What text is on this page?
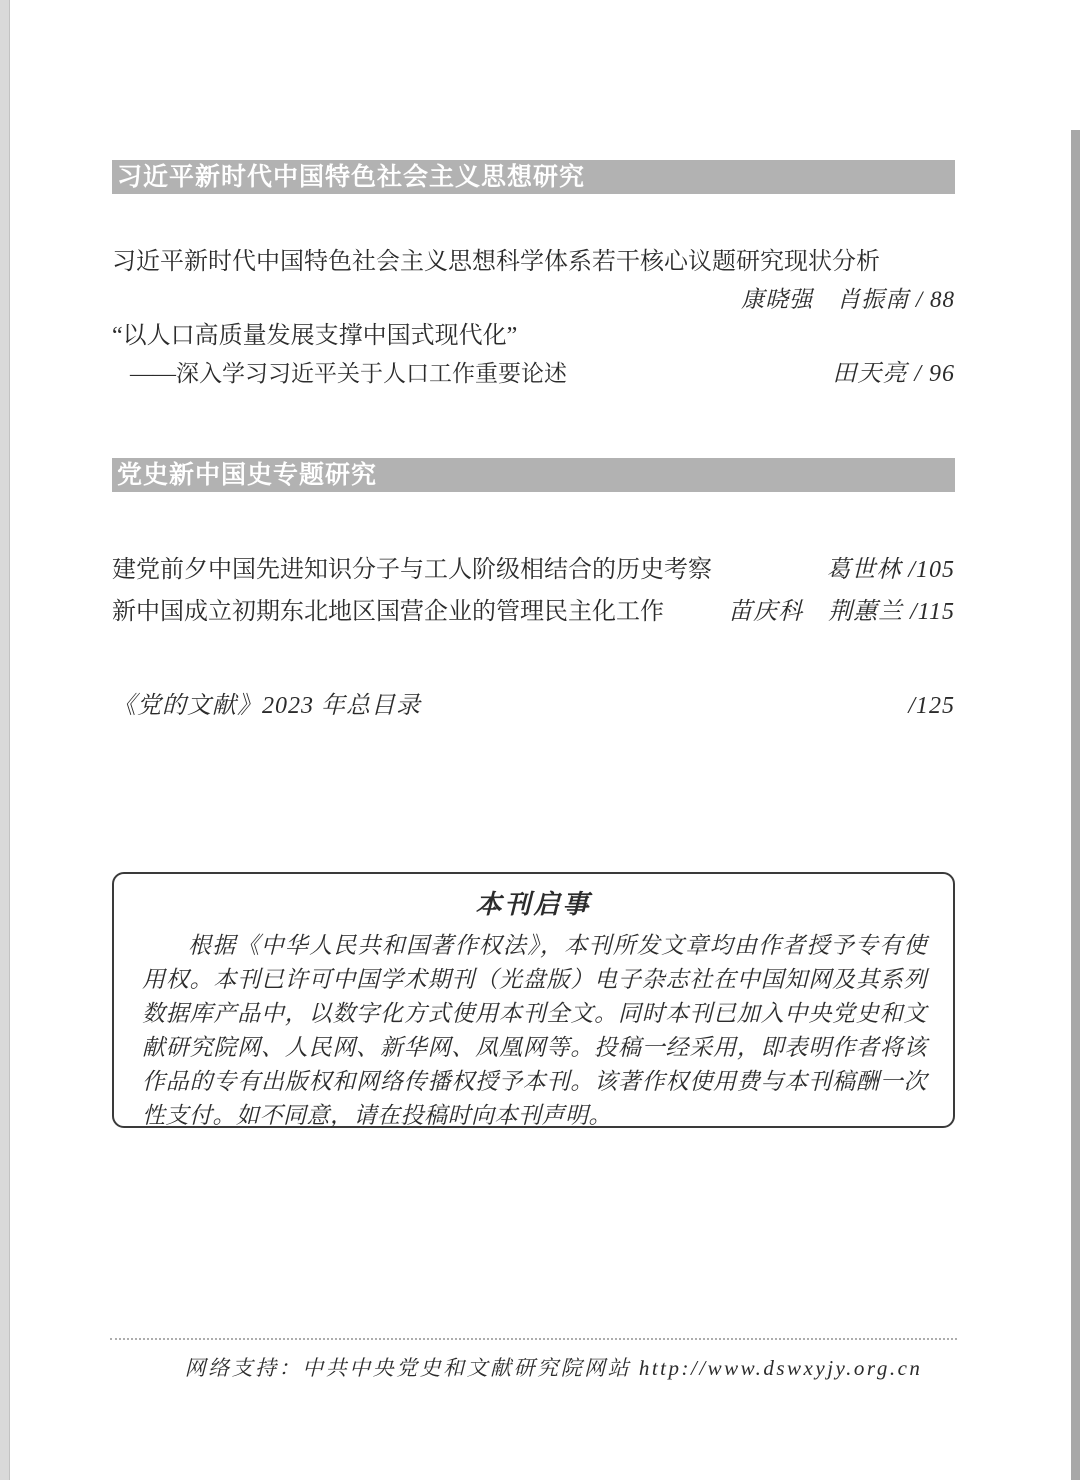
习近平新时代中国特色社会主义思想研究
习近平新时代中国特色社会主义思想科学体系若干核心议题研究现状分析
康晓强　肖振南 / 88
“以人口高质量发展支撑中国式现代化”
——深入学习习近平关于人口工作重要论述	田天亮 / 96
党史新中国史专题研究
建党前夕中国先进知识分子与工人阶级相结合的历史考察	葛世林 /105
新中国成立初期东北地区国营企业的管理民主化工作	苗庆科　荆蕙兰 /115
《党的文献》2023 年总目录	/125
本刊启事
根据《中华人民共和国著作权法》，本刊所发文章均由作者授予专有使用权。本刊已许可中国学术期刊（光盘版）电子杂志社在中国知网及其系列数据库产品中，以数字化方式使用本刊全文。同时本刊已加入中央党史和文献研究院网、人民网、新华网、凤凰网等。投稿一经采用，即表明作者将该作品的专有出版权和网络传播权授予本刊。该著作权使用费与本刊稿酬一次性支付。如不同意，请在投稿时向本刊声明。
网络支持：中共中央党史和文献研究院网站 http://www.dswxyjy.org.cn
